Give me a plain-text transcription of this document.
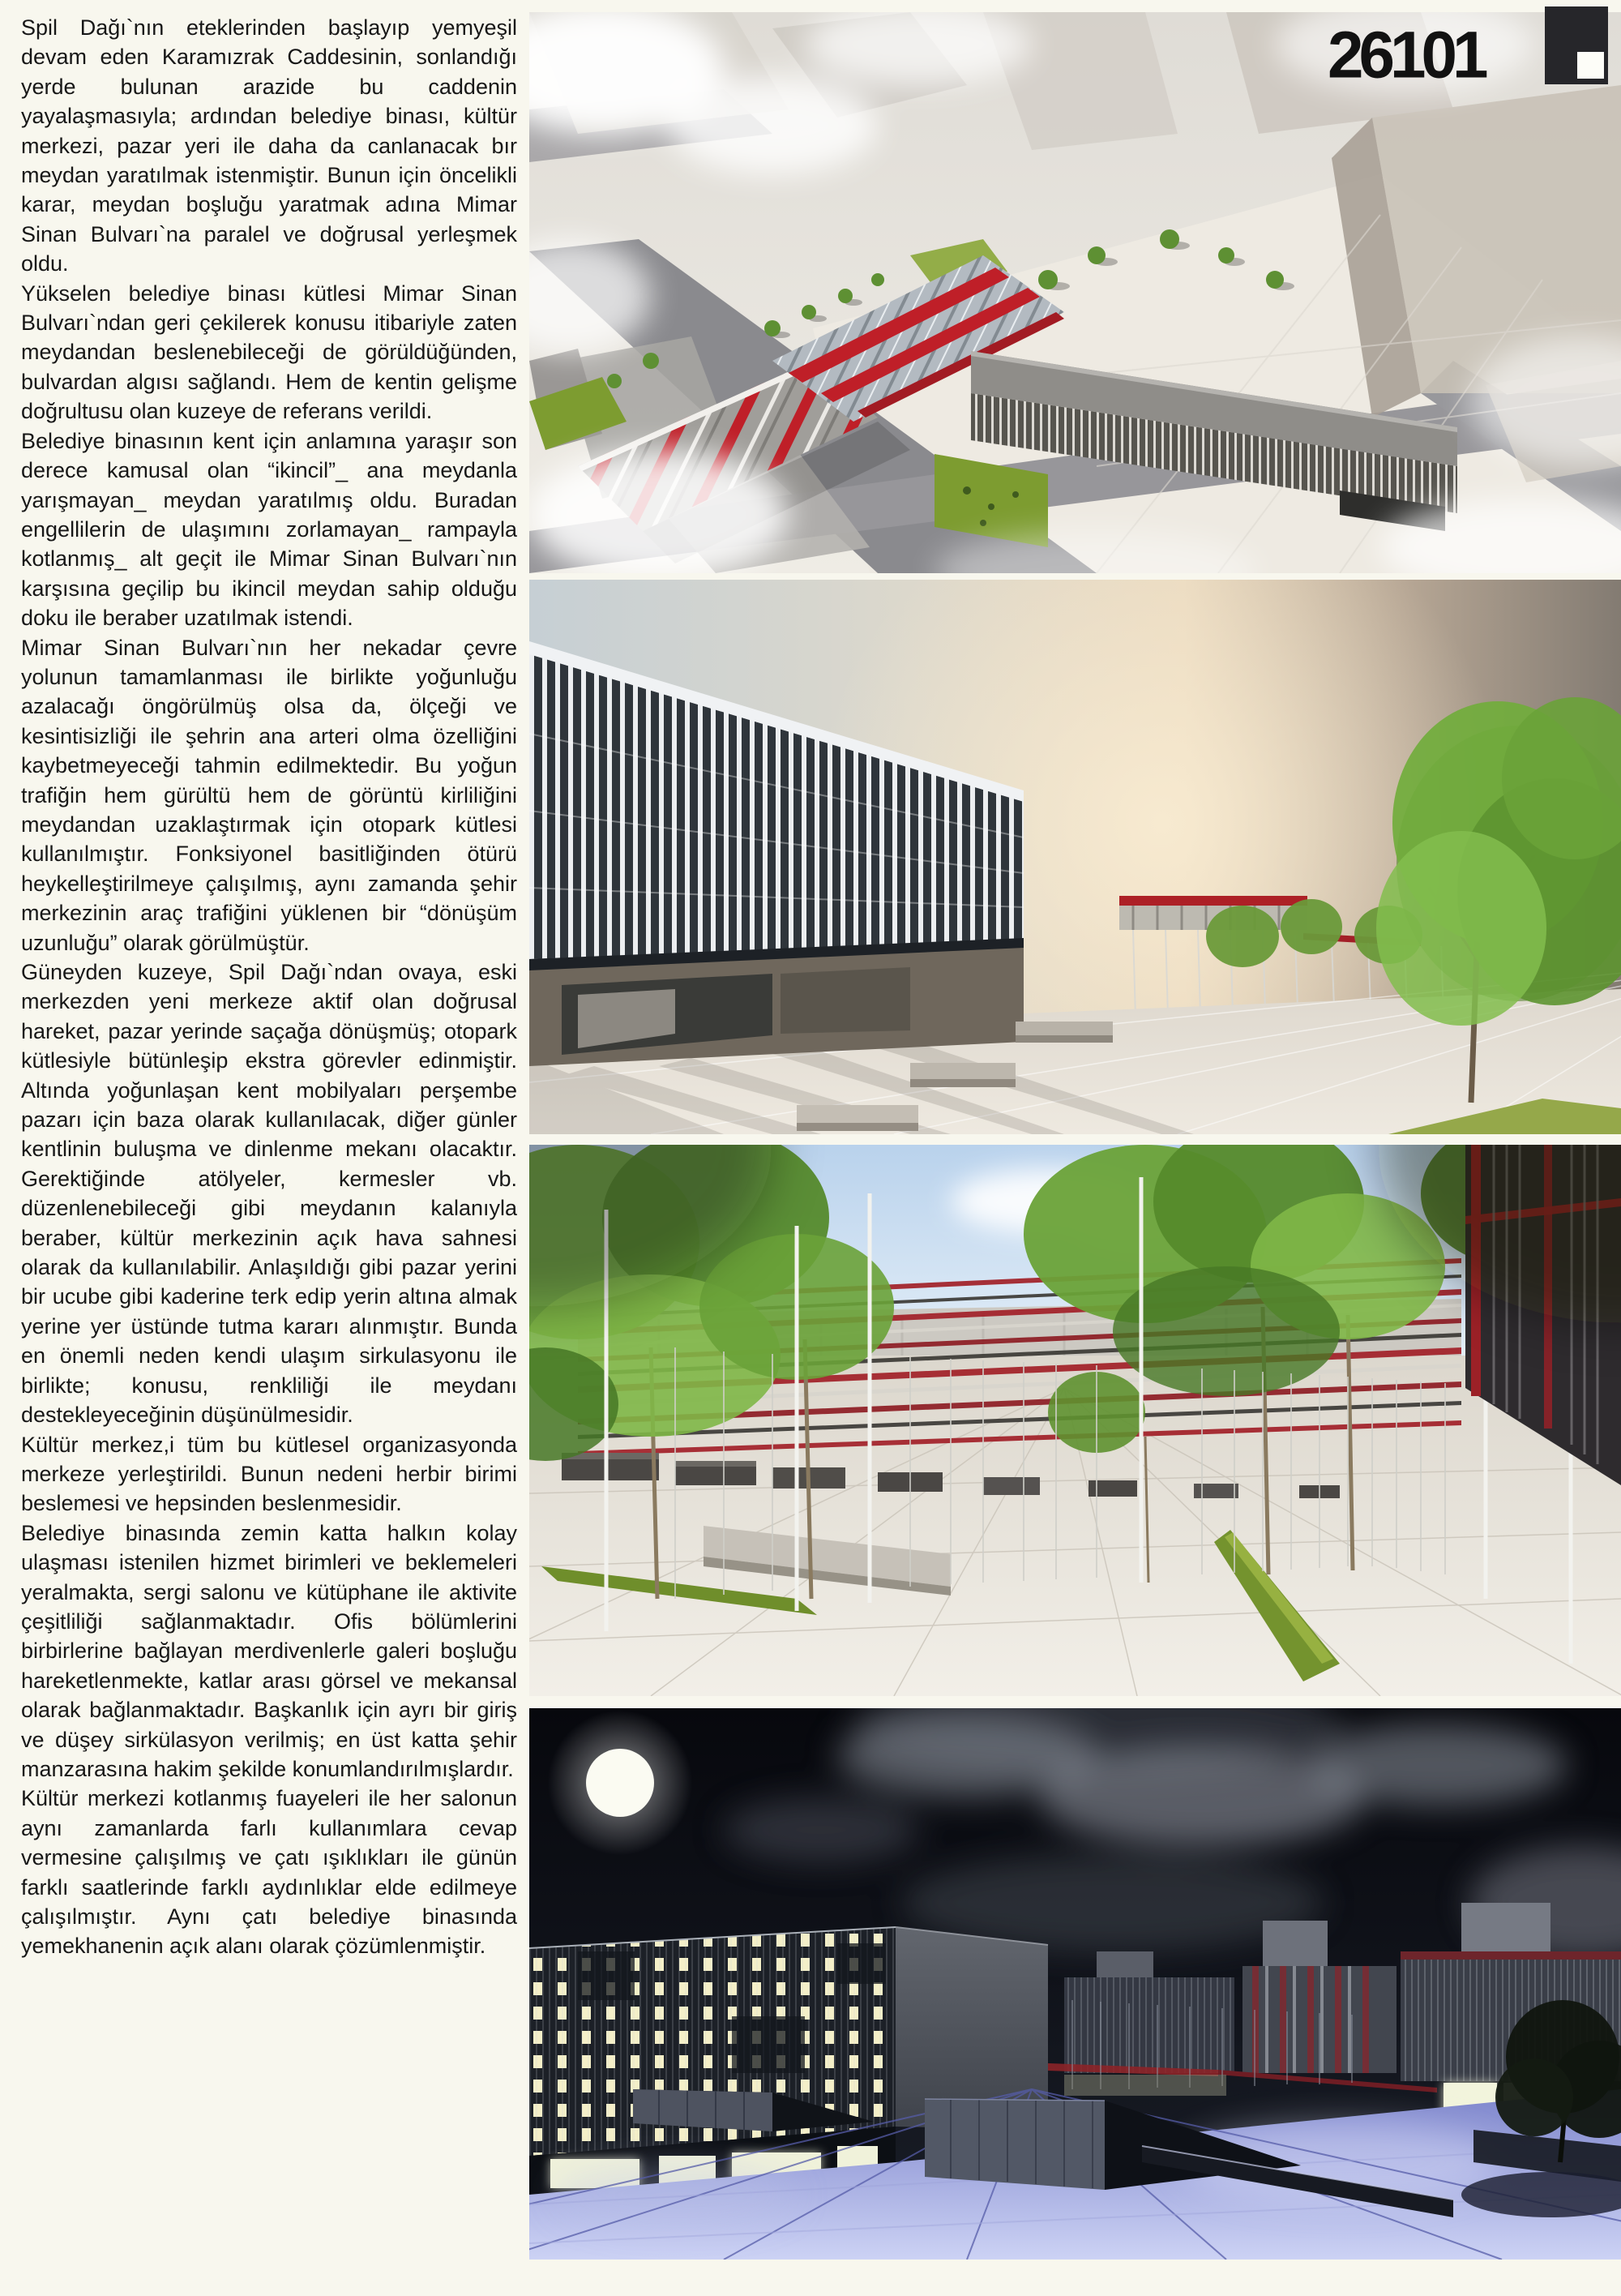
Spil Dağı`nın eteklerinden başlayıp yemyeşil devam eden Karamızrak Caddesinin, sonlandığı yerde bulunan arazide bu caddenin yayalaşmasıyla; ardından belediye binası, kültür merkezi, pazar yeri ile daha da canlanacak bır meydan yaratılmak istenmiştir. Bunun için öncelikli karar, meydan boşluğu yaratmak adına Mimar Sinan Bulvarı`na paralel ve doğrusal yerleşmek oldu.

Yükselen belediye binası kütlesi Mimar Sinan Bulvarı`ndan geri çekilerek konusu itibariyle zaten meydandan beslenebileceği de görüldüğünden, bulvardan algısı sağlandı. Hem de kentin gelişme doğrultusu olan kuzeye de referans verildi.

Belediye binasının kent için anlamına yaraşır son derece kamusal olan “ikincil”_ ana meydanla yarışmayan_ meydan yaratılmış oldu. Buradan engellilerin de ulaşımını zorlamayan_ rampayla kotlanmış_ alt geçit ile Mimar Sinan Bulvarı`nın karşısına geçilip bu ikincil meydan sahip olduğu doku ile beraber uzatılmak istendi.

Mimar Sinan Bulvarı`nın her nekadar çevre yolunun tamamlanması ile birlikte yoğunluğu azalacağı öngörülmüş olsa da, ölçeği ve kesintisizliği ile şehrin ana arteri olma özelliğini kaybetmeyeceği tahmin edilmektedir. Bu yoğun trafiğin hem gürültü hem de görüntü kirliliğini meydandan uzaklaştırmak için otopark kütlesi kullanılmıştır. Fonksiyonel basitliğinden ötürü heykelleştirilmeye çalışılmış, aynı zamanda şehir merkezinin araç trafiğini yüklenen bir “dönüşüm uzunluğu” olarak görülmüştür.

Güneyden kuzeye, Spil Dağı`ndan ovaya, eski merkezden yeni merkeze aktif olan doğrusal hareket, pazar yerinde saçağa dönüşmüş; otopark kütlesiyle bütünleşip ekstra görevler edinmiştir. Altında yoğunlaşan kent mobilyaları perşembe pazarı için baza olarak kullanılacak, diğer günler kentlinin buluşma ve dinlenme mekanı olacaktır. Gerektiğinde atölyeler, kermesler vb. düzenlenebileceği gibi meydanın kalanıyla beraber, kültür merkezinin açık hava sahnesi olarak da kullanılabilir. Anlaşıldığı gibi pazar yerini bir ucube gibi kaderine terk edip yerin altına almak yerine yer üstünde tutma kararı alınmıştır. Bunda en önemli neden kendi ulaşım sirkulasyonu ile birlikte; konusu, renkliliği ile meydanı destekleyeceğinin düşünülmesidir.

Kültür merkez,i tüm bu kütlesel organizasyonda merkeze yerleştirildi. Bunun nedeni herbir birimi beslemesi ve hepsinden beslenmesidir.

Belediye binasında zemin katta halkın kolay ulaşması istenilen hizmet birimleri ve beklemeleri yeralmakta, sergi salonu ve kütüphane ile aktivite çeşitliliği sağlanmaktadır. Ofis bölümlerini birbirlerine bağlayan merdivenlerle galeri boşluğu hareketlenmekte, katlar arası görsel ve mekansal olarak bağlanmaktadır. Başkanlık için ayrı bir giriş ve düşey sirkülasyon verilmiş; en üst katta şehir manzarasına hakim şekilde konumlandırılmışlardır.

Kültür merkezi kotlanmış fuayeleri ile her salonun aynı zamanlarda farlı kullanımlara cevap vermesine çalışılmış ve çatı ışıklıkları ile günün farklı saatlerinde farklı aydınlıklar elde edilmeye çalışılmıştır. Aynı çatı belediye binasında yemekhanenin açık alanı olarak çözümlenmiştir.

26101
